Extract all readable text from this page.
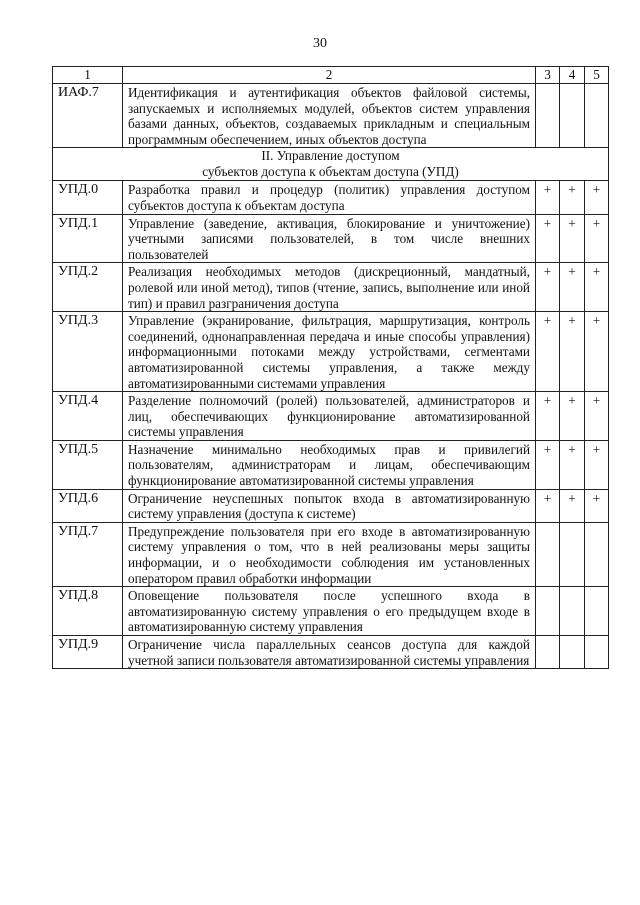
30
1	2	3	4	5
ИАФ.7	Идентификация и аутентификация объектов файловой системы, запускаемых и исполняемых модулей, объектов систем управления базами данных, объектов, создаваемых прикладным и специальным программным обеспечением, иных объектов доступа			

II. Управление доступом
субъектов доступа к объектам доступа (УПД)				

УПД.0	Разработка правил и процедур (политик) управления доступом субъектов доступа к объектам доступа	+	+	+
УПД.1	Управление (заведение, активация, блокирование и уничтожение) учетными записями пользователей, в том числе внешних пользователей	+	+	+
УПД.2	Реализация необходимых методов (дискреционный, мандатный, ролевой или иной метод), типов (чтение, запись, выполнение или иной тип) и правил разграничения доступа	+	+	+
УПД.3	Управление (экранирование, фильтрация, маршрутизация, контроль соединений, однонаправленная передача и иные способы управления) информационными потоками между устройствами, сегментами автоматизированной системы управления, а также между автоматизированными системами управления	+	+	+
УПД.4	Разделение полномочий (ролей) пользователей, администраторов и лиц, обеспечивающих функционирование автоматизированной системы управления	+	+	+
УПД.5	Назначение минимально необходимых прав и привилегий пользователям, администраторам и лицам, обеспечивающим функционирование автоматизированной системы управления	+	+	+
УПД.6	Ограничение неуспешных попыток входа в автоматизированную систему управления (доступа к системе)	+	+	+
УПД.7	Предупреждение пользователя при его входе в автоматизированную систему управления о том, что в ней реализованы меры защиты информации, и о необходимости соблюдения им установленных оператором правил обработки информации			
УПД.8	Оповещение пользователя после успешного входа в автоматизированную систему управления о его предыдущем входе в автоматизированную систему управления			
УПД.9	Ограничение числа параллельных сеансов доступа для каждой учетной записи пользователя автоматизированной системы управления			
